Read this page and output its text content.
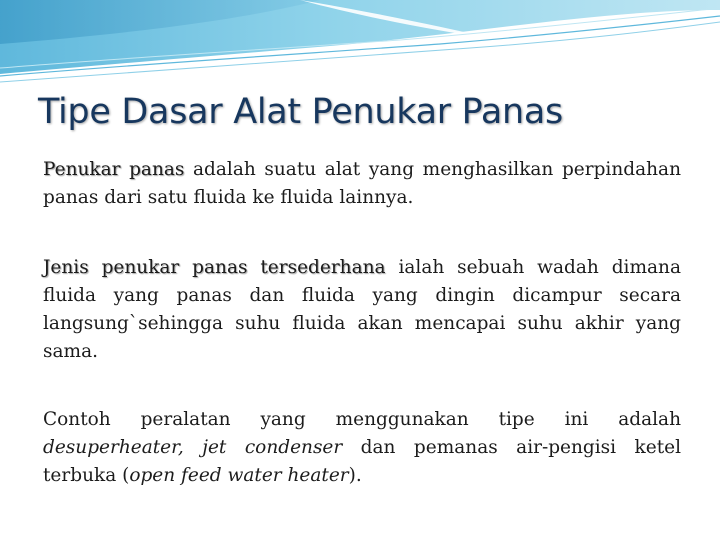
Tipe Dasar Alat Penukar Panas

Penukar panas adalah suatu alat yang menghasilkan perpindahan panas dari satu fluida ke fluida lainnya.

Jenis penukar panas tersederhana ialah sebuah wadah dimana fluida yang panas dan fluida yang dingin dicampur secara langsung`sehingga suhu fluida akan mencapai suhu akhir yang sama.

Contoh peralatan yang menggunakan tipe ini adalah desuperheater, jet condenser dan pemanas air-pengisi ketel terbuka (open feed water heater).
